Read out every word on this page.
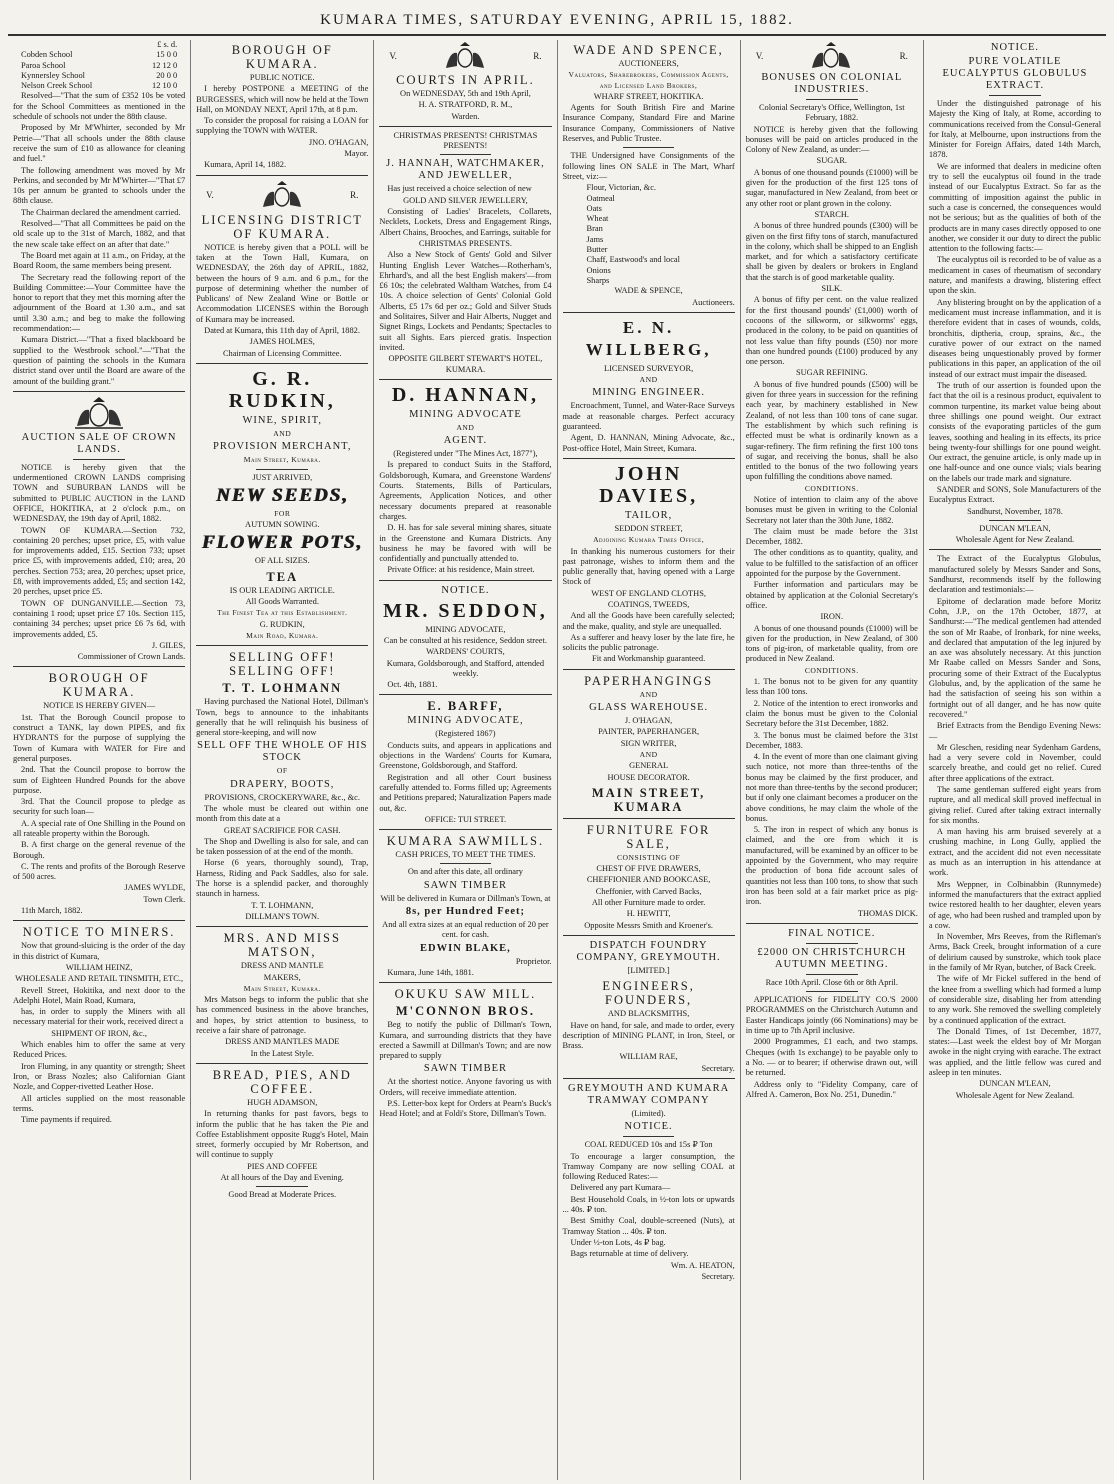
KUMARA TIMES, SATURDAY EVENING, APRIL 15, 1882.
£ s. d.
Cobden School	15 0 0
Paroa School	12 12 0
Kynnersley School	20 0 0
Nelson Creek School	12 10 0

Resolved—"That the sum of £352 10s be voted for the School Committees as mentioned in the schedule of schools not under the 88th clause.

Proposed by Mr M'Whirter, seconded by Mr Petrie—"That all schools under the 88th clause receive the sum of £10 as allowance for cleaning and fuel."

The following amendment was moved by Mr Perkins, and seconded by Mr M'Whirter—"That £7 10s per annum be granted to schools under the 88th clause.

The Chairman declared the amendment carried.

Resolved—"That all Committees be paid on the old scale up to the 31st of March, 1882, and that the new scale take effect on an after that date."

The Board met again at 11 a.m., on Friday, at the Board Room, the same members being present.

The Secretary read the following report of the Building Committee:—Your Committee have the honor to report that they met this morning after the adjournment of the Board at 1.30 a.m., and sat until 3.30 a.m.; and beg to make the following recommendation:—

Kumara District.—"That a fixed blackboard be supplied to the Westbrook school."—"That the question of painting the schools in the Kumara district stand over until the Board are aware of the amount of the building grant."

AUCTION SALE OF CROWN LANDS.

NOTICE is hereby given that the undermentioned CROWN LANDS comprising TOWN and SUBURBAN LANDS will be submitted to PUBLIC AUCTION in the LAND OFFICE, HOKITIKA, at 2 o'clock p.m., on WEDNESDAY, the 19th day of April, 1882.

TOWN OF KUMARA.—Section 732, containing 20 perches; upset price, £5, with value for improvements added, £15. Section 733; upset price £5, with improvements added, £10; area, 20 perches. Section 753; area, 20 perches; upset price, £8, with improvements added, £5; and section 142, 20 perches, upset price £5.

TOWN OF DUNGANVILLE.—Section 73, containing 1 rood; upset price £7 10s. Section 115, containing 34 perches; upset price £6 7s 6d, with improvements added, £5.

J. GILES,

Commissioner of Crown Lands.

BOROUGH OF KUMARA.

NOTICE IS HEREBY GIVEN—

1st. That the Borough Council propose to construct a TANK, lay down PIPES, and fix HYDRANTS for the purpose of supplying the Town of Kumara with WATER for Fire and general purposes.

2nd. That the Council propose to borrow the sum of Eighteen Hundred Pounds for the above purpose.

3rd. That the Council propose to pledge as security for such loan—

A. A special rate of One Shilling in the Pound on all rateable property within the Borough.

B. A first charge on the general revenue of the Borough.

C. The rents and profits of the Borough Reserve of 500 acres.

JAMES WYLDE,

Town Clerk.

11th March, 1882.

NOTICE TO MINERS.

Now that ground-sluicing is the order of the day in this district of Kumara,

WILLIAM HEINZ,

WHOLESALE AND RETAIL TINSMITH, ETC.,

Revell Street, Hokitika, and next door to the Adelphi Hotel, Main Road, Kumara,

has, in order to supply the Miners with all necessary material for their work, received direct a

SHIPMENT OF IRON, &c.,

Which enables him to offer the same at very Reduced Prices.

Iron Fluming, in any quantity or strength; Sheet Iron, or Brass Nozles; also Californian Giant Nozle, and Copper-rivetted Leather Hose.

All articles supplied on the most reasonable terms.

Time payments if required.

BOROUGH OF KUMARA.

PUBLIC NOTICE.

I hereby POSTPONE a MEETING of the BURGESSES, which will now be held at the Town Hall, on MONDAY NEXT, April 17th, at 8 p.m.

To consider the proposal for raising a LOAN for supplying the TOWN with WATER.

JNO. O'HAGAN,

Mayor.

Kumara, April 14, 1882.

V.	R.

LICENSING DISTRICT OF KUMARA.

NOTICE is hereby given that a POLL will be taken at the Town Hall, Kumara, on WEDNESDAY, the 26th day of APRIL, 1882, between the hours of 9 a.m. and 6 p.m., for the purpose of determining whether the number of Publicans' of New Zealand Wine or Bottle or Accommodation LICENSES within the Borough of Kumara may be increased.

Dated at Kumara, this 11th day of April, 1882.

JAMES HOLMES,

Chairman of Licensing Committee.

G. R. RUDKIN,

WINE, SPIRIT,

AND

PROVISION MERCHANT,

Main Street, Kumara.

JUST ARRIVED,

NEW SEEDS,

FOR

AUTUMN SOWING.

FLOWER POTS,

OF ALL SIZES.

TEA

IS OUR LEADING ARTICLE.

All Goods Warranted.

The Finest Tea at this Establishment.

G. RUDKIN,

Main Road, Kumara.

SELLING OFF! SELLING OFF!

T. T. LOHMANN

Having purchased the National Hotel, Dillman's Town, begs to announce to the inhabitants generally that he will relinquish his business of general store-keeping, and will now

SELL OFF THE WHOLE OF HIS STOCK

OF

DRAPERY, BOOTS,

PROVISIONS, CROCKERYWARE, &c., &c.

The whole must be cleared out within one month from this date at a

GREAT SACRIFICE FOR CASH.

The Shop and Dwelling is also for sale, and can be taken possession of at the end of the month.

Horse (6 years, thoroughly sound), Trap, Harness, Riding and Pack Saddles, also for sale. The horse is a splendid packer, and thoroughly staunch in harness.

T. T. LOHMANN,

DILLMAN'S TOWN.

MRS. AND MISS MATSON,

DRESS AND MANTLE

MAKERS,

Main Street, Kumara.

Mrs Matson begs to inform the public that she has commenced business in the above branches, and hopes, by strict attention to business, to receive a fair share of patronage.

DRESS AND MANTLES MADE

In the Latest Style.

BREAD, PIES, AND COFFEE.

HUGH ADAMSON,

In returning thanks for past favors, begs to inform the public that he has taken the Pie and Coffee Establishment opposite Rugg's Hotel, Main street, formerly occupied by Mr Robertson, and will continue to supply

PIES AND COFFEE

At all hours of the Day and Evening.

Good Bread at Moderate Prices.

V.	R.

COURTS IN APRIL.

On WEDNESDAY, 5th and 19th April,

H. A. STRATFORD, R. M.,

Warden.

CHRISTMAS PRESENTS! CHRISTMAS PRESENTS!

J. HANNAH, WATCHMAKER, AND JEWELLER,

Has just received a choice selection of new

GOLD AND SILVER JEWELLERY,

Consisting of Ladies' Bracelets, Collarets, Necklets, Lockets, Dress and Engagement Rings, Albert Chains, Brooches, and Earrings, suitable for

CHRISTMAS PRESENTS.

Also a New Stock of Gents' Gold and Silver Hunting English Lever Watches—Rotherham's, Ehrhard's, and all the best English makers'—from £6 10s; the celebrated Waltham Watches, from £4 10s. A choice selection of Gents' Colonial Gold Alberts, £5 17s 6d per oz.; Gold and Silver Studs and Solitaires, Silver and Hair Alberts, Nugget and Signet Rings, Lockets and Pendants; Spectacles to suit all Sights. Ears pierced gratis. Inspection invited.

OPPOSITE GILBERT STEWART'S HOTEL, KUMARA.

D. HANNAN,

MINING ADVOCATE

AND

AGENT.

(Registered under "The Mines Act, 1877"),

Is prepared to conduct Suits in the Stafford, Goldsborough, Kumara, and Greenstone Wardens' Courts. Statements, Bills of Particulars, Agreements, Application Notices, and other necessary documents prepared at reasonable charges.

D. H. has for sale several mining shares, situate in the Greenstone and Kumara Districts. Any business he may be favored with will be confidentially and punctually attended to.

Private Office: at his residence, Main street.

NOTICE.

MR. SEDDON,

MINING ADVOCATE,

Can be consulted at his residence, Seddon street.

WARDENS' COURTS,

Kumara, Goldsborough, and Stafford, attended weekly.

Oct. 4th, 1881.

E. BARFF,

MINING ADVOCATE,

(Registered 1867)

Conducts suits, and appears in applications and objections in the Wardens' Courts for Kumara, Greenstone, Goldsborough, and Stafford.

Registration and all other Court business carefully attended to. Forms filled up; Agreements and Petitions prepared; Naturalization Papers made out, &c.

OFFICE: TUI STREET.

KUMARA SAWMILLS.

CASH PRICES, TO MEET THE TIMES.

On and after this date, all ordinary

SAWN TIMBER

Will be delivered in Kumara or Dillman's Town, at

8s, per Hundred Feet;

And all extra sizes at an equal reduction of 20 per cent. for cash.

EDWIN BLAKE,

Proprietor.

Kumara, June 14th, 1881.

OKUKU SAW MILL.

M'CONNON BROS.

Beg to notify the public of Dillman's Town, Kumara, and surrounding districts that they have erected a Sawmill at Dillman's Town; and are now prepared to supply

SAWN TIMBER

At the shortest notice. Anyone favoring us with Orders, will receive immediate attention.

P.S. Letter-box kept for Orders at Pearn's Buck's Head Hotel; and at Foldi's Store, Dillman's Town.

WADE AND SPENCE,

AUCTIONEERS,

Valuators, Sharebrokers, Commission Agents, and Licensed Land Brokers,

WHARF STREET, HOKITIKA.

Agents for South British Fire and Marine Insurance Company, Standard Fire and Marine Insurance Company, Commissioners of Native Reserves, and Public Trustee.

THE Undersigned have Consignments of the following lines ON SALE in The Mart, Wharf Street, viz:—

Flour, Victorian, &c.
Oatmeal
Oats
Wheat
Bran
Jams
Butter
Chaff, Eastwood's and local
Onions
Sharps

WADE & SPENCE,

Auctioneers.

E. N. WILLBERG,

LICENSED SURVEYOR,

AND

MINING ENGINEER.

Encroachment, Tunnel, and Water-Race Surveys made at reasonable charges. Perfect accuracy guaranteed.

Agent, D. HANNAN, Mining Advocate, &c., Post-office Hotel, Main Street, Kumara.

JOHN DAVIES,

TAILOR,

SEDDON STREET,

Adjoining Kumara Times Office,

In thanking his numerous customers for their past patronage, wishes to inform them and the public generally that, having opened with a Large Stock of

WEST OF ENGLAND CLOTHS,

COATINGS, TWEEDS,

And all the Goods have been carefully selected; and the make, quality, and style are unequalled.

As a sufferer and heavy loser by the late fire, he solicits the public patronage.

Fit and Workmanship guaranteed.

PAPERHANGINGS

AND

GLASS WAREHOUSE.

J. O'HAGAN,

PAINTER, PAPERHANGER,

SIGN WRITER,

AND

GENERAL

HOUSE DECORATOR.

MAIN STREET, KUMARA

FURNITURE FOR SALE,

CONSISTING OF

CHEST OF FIVE DRAWERS,

CHEFFIONIER AND BOOKCASE,

Cheffonier, with Carved Backs,

All other Furniture made to order.

H. HEWITT,

Opposite Messrs Smith and Kroener's.

DISPATCH FOUNDRY COMPANY, GREYMOUTH.

[LIMITED.]

ENGINEERS, FOUNDERS,

AND BLACKSMITHS,

Have on hand, for sale, and made to order, every description of MINING PLANT, in Iron, Steel, or Brass.

WILLIAM RAE,

Secretary.

GREYMOUTH AND KUMARA TRAMWAY COMPANY

(Limited).

NOTICE.

COAL REDUCED 10s and 15s ₽ Ton

To encourage a larger consumption, the Tramway Company are now selling COAL at following Reduced Rates:—

Delivered any part Kumara—

Best Household Coals, in ½-ton lots or upwards ... 40s. ₽ ton.

Best Smithy Coal, double-screened (Nuts), at Tramway Station ... 40s. ₽ ton.

Under ½-ton Lots, 4s ₽ bag.

Bags returnable at time of delivery.

Wm. A. HEATON,

Secretary.

V.	R.

BONUSES ON COLONIAL INDUSTRIES.

Colonial Secretary's Office, Wellington, 1st February, 1882.

NOTICE is hereby given that the following bonuses will be paid on articles produced in the Colony of New Zealand, as under:—

SUGAR.

A bonus of one thousand pounds (£1000) will be given for the production of the first 125 tons of sugar, manufactured in New Zealand, from beet or any other root or plant grown in the colony.

STARCH.

A bonus of three hundred pounds (£300) will be given on the first fifty tons of starch, manufactured in the colony, which shall be shipped to an English market, and for which a satisfactory certificate shall be given by dealers or brokers in England that the starch is of good marketable quality.

SILK.

A bonus of fifty per cent. on the value realized for the first thousand pounds' (£1,000) worth of cocoons of the silkworm, or silkworms' eggs, produced in the colony, to be paid on quantities of not less value than fifty pounds (£50) nor more than one hundred pounds (£100) produced by any one person.

SUGAR REFINING.

A bonus of five hundred pounds (£500) will be given for three years in succession for the refining each year, by machinery established in New Zealand, of not less than 100 tons of cane sugar. The establishment by which such refining is effected must be what is ordinarily known as a sugar-refinery. The firm refining the first 100 tons of sugar, and receiving the bonus, shall be also entitled to the bonus of the two following years upon fulfilling the conditions above named.

CONDITIONS.

Notice of intention to claim any of the above bonuses must be given in writing to the Colonial Secretary not later than the 30th June, 1882.

The claim must be made before the 31st December, 1882.

The other conditions as to quantity, quality, and value to be fulfilled to the satisfaction of an officer appointed for the purpose by the Government.

Further information and particulars may be obtained by application at the Colonial Secretary's office.

IRON.

A bonus of one thousand pounds (£1000) will be given for the production, in New Zealand, of 300 tons of pig-iron, of marketable quality, from ore produced in New Zealand.

CONDITIONS.

1. The bonus not to be given for any quantity less than 100 tons.

2. Notice of the intention to erect ironworks and claim the bonus must be given to the Colonial Secretary before the 31st December, 1882.

3. The bonus must be claimed before the 31st December, 1883.

4. In the event of more than one claimant giving such notice, not more than three-tenths of the bonus may be claimed by the first producer, and not more than three-tenths by the second producer; but if only one claimant becomes a producer on the above conditions, he may claim the whole of the bonus.

5. The iron in respect of which any bonus is claimed, and the ore from which it is manufactured, will be examined by an officer to be appointed by the Government, who may require the production of bona fide account sales of quantities not less than 100 tons, to show that such iron has been sold at a fair market price as pig-iron.

THOMAS DICK.

FINAL NOTICE.

£2000 ON CHRISTCHURCH AUTUMN MEETING.

Race 10th April. Close 6th or 8th April.

APPLICATIONS for FIDELITY CO.'S 2000 PROGRAMMES on the Christchurch Autumn and Easter Handicaps jointly (66 Nominations) may be in time up to 7th April inclusive.

2000 Programmes, £1 each, and two stamps. Cheques (with 1s exchange) to be payable only to a No. — or to bearer; if otherwise drawn out, will be returned.

Address only to "Fidelity Company, care of Alfred A. Cameron, Box No. 251, Dunedin."

NOTICE.

PURE VOLATILE EUCALYPTUS GLOBULUS EXTRACT.

Under the distinguished patronage of his Majesty the King of Italy, at Rome, according to communications received from the Consul-General for Italy, at Melbourne, upon instructions from the Minister for Foreign Affairs, dated 14th March, 1878.

We are informed that dealers in medicine often try to sell the eucalyptus oil found in the trade instead of our Eucalyptus Extract. So far as the committing of imposition against the public in such a case is concerned, the consequences would not be serious; but as the qualities of both of the products are in many cases directly opposed to one another, we consider it our duty to direct the public attention to the following facts:—

The eucalyptus oil is recorded to be of value as a medicament in cases of rheumatism of secondary nature, and manifests a drawing, blistering effect upon the skin.

Any blistering brought on by the application of a medicament must increase inflammation, and it is therefore evident that in cases of wounds, colds, bronchitis, diptheria, croup, sprains, &c., the curative power of our extract on the named diseases being unquestionably proved by former publications in this paper, an application of the oil instead of our extract must impair the diseased.

The truth of our assertion is founded upon the fact that the oil is a resinous product, equivalent to common turpentine, its market value being about three shillings one pound weight. Our extract consists of the evaporating particles of the gum leaves, soothing and healing in its effects, its price being twenty-four shillings for one pound weight. Our extract, the genuine article, is only made up in one half-ounce and one ounce vials; vials bearing on the labels our trade mark and signature.

SANDER and SONS, Sole Manufacturers of the Eucalyptus Extract.

Sandhurst, November, 1878.

DUNCAN M'LEAN,

Wholesale Agent for New Zealand.

The Extract of the Eucalyptus Globulus, manufactured solely by Messrs Sander and Sons, Sandhurst, recommends itself by the following declaration and testimonials:—

Epitome of declaration made before Moritz Cohn, J.P., on the 17th October, 1877, at Sandhurst:—"The medical gentlemen had attended the son of Mr Raabe, of Ironbark, for nine weeks, and declared that amputation of the leg injured by an axe was absolutely necessary. At this junction Mr Raabe called on Messrs Sander and Sons, procuring some of their Extract of the Eucalyptus Globulus, and, by the application of the same he had the satisfaction of seeing his son within a fortnight out of all danger, and he has now quite recovered."

Brief Extracts from the Bendigo Evening News:—

Mr Gleschen, residing near Sydenham Gardens, had a very severe cold in November, could scarcely breathe, and could get no relief. Cured after three applications of the extract.

The same gentleman suffered eight years from rupture, and all medical skill proved ineffectual in giving relief. Cured after taking extract internally for six months.

A man having his arm bruised severely at a crushing machine, in Long Gully, applied the extract, and the accident did not even necessitate as much as an interruption in his attendance at work.

Mrs Weppner, in Colbinabbin (Runnymede) informed the manufacturers that the extract applied twice restored health to her daughter, eleven years of age, who had been rushed and trampled upon by a cow.

In November, Mrs Reeves, from the Rifleman's Arms, Back Creek, brought information of a cure of delirium caused by sunstroke, which took place in the family of Mr Ryan, butcher, of Back Creek.

The wife of Mr Fickel suffered in the bend of the knee from a swelling which had formed a lump of considerable size, disabling her from attending to any work. She removed the swelling completely by a continued application of the extract.

The Donald Times, of 1st December, 1877, states:—Last week the eldest boy of Mr Morgan awoke in the night crying with earache. The extract was applied, and the little fellow was cured and asleep in ten minutes.

DUNCAN M'LEAN,

Wholesale Agent for New Zealand.
